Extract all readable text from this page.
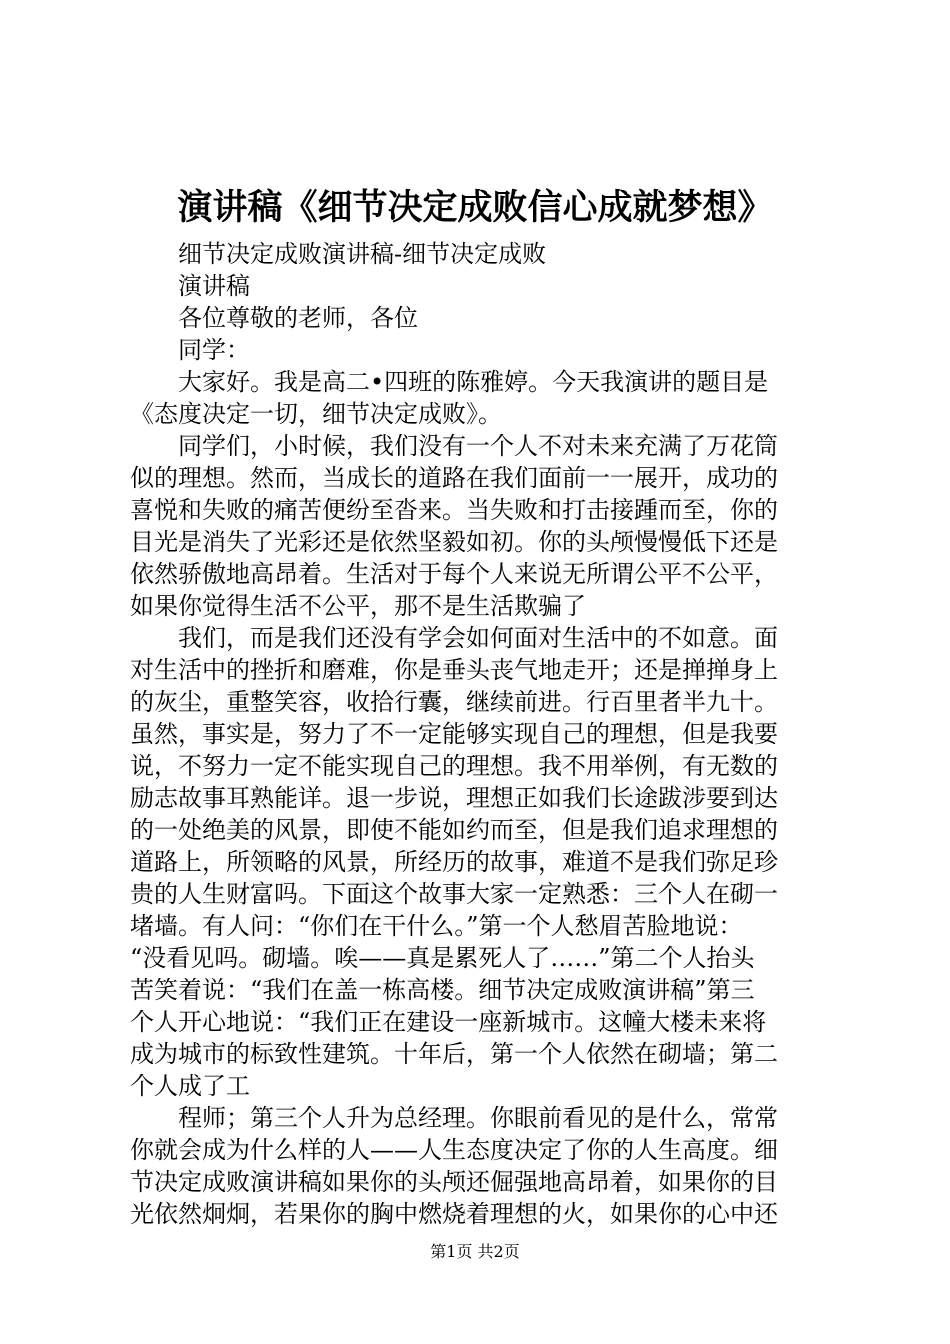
演讲稿《细节决定成败信心成就梦想》
细节决定成败演讲稿-细节决定成败
演讲稿
各位尊敬的老师，各位
同学：
大家好。我是高二•四班的陈雅婷。今天我演讲的题目是
《态度决定一切，细节决定成败》。
同学们，小时候，我们没有一个人不对未来充满了万花筒
似的理想。然而，当成长的道路在我们面前一一展开，成功的
喜悦和失败的痛苦便纷至沓来。当失败和打击接踵而至，你的
目光是消失了光彩还是依然坚毅如初。你的头颅慢慢低下还是
依然骄傲地高昂着。生活对于每个人来说无所谓公平不公平，
如果你觉得生活不公平，那不是生活欺骗了
我们，而是我们还没有学会如何面对生活中的不如意。面
对生活中的挫折和磨难，你是垂头丧气地走开；还是掸掸身上
的灰尘，重整笑容，收拾行囊，继续前进。行百里者半九十。
虽然，事实是，努力了不一定能够实现自己的理想，但是我要
说，不努力一定不能实现自己的理想。我不用举例，有无数的
励志故事耳熟能详。退一步说，理想正如我们长途跋涉要到达
的一处绝美的风景，即使不能如约而至，但是我们追求理想的
道路上，所领略的风景，所经历的故事，难道不是我们弥足珍
贵的人生财富吗。下面这个故事大家一定熟悉：三个人在砌一
堵墙。有人问：“你们在干什么。”第一个人愁眉苦脸地说：
“没看见吗。砌墙。唉——真是累死人了……”第二个人抬头
苦笑着说：“我们在盖一栋高楼。细节决定成败演讲稿”第三
个人开心地说：“我们正在建设一座新城市。这幢大楼未来将
成为城市的标致性建筑。十年后，第一个人依然在砌墙；第二
个人成了工
程师；第三个人升为总经理。你眼前看见的是什么，常常
你就会成为什么样的人——人生态度决定了你的人生高度。细
节决定成败演讲稿如果你的头颅还倔强地高昂着，如果你的目
光依然炯炯，若果你的胸中燃烧着理想的火，如果你的心中还
第1页 共2页
